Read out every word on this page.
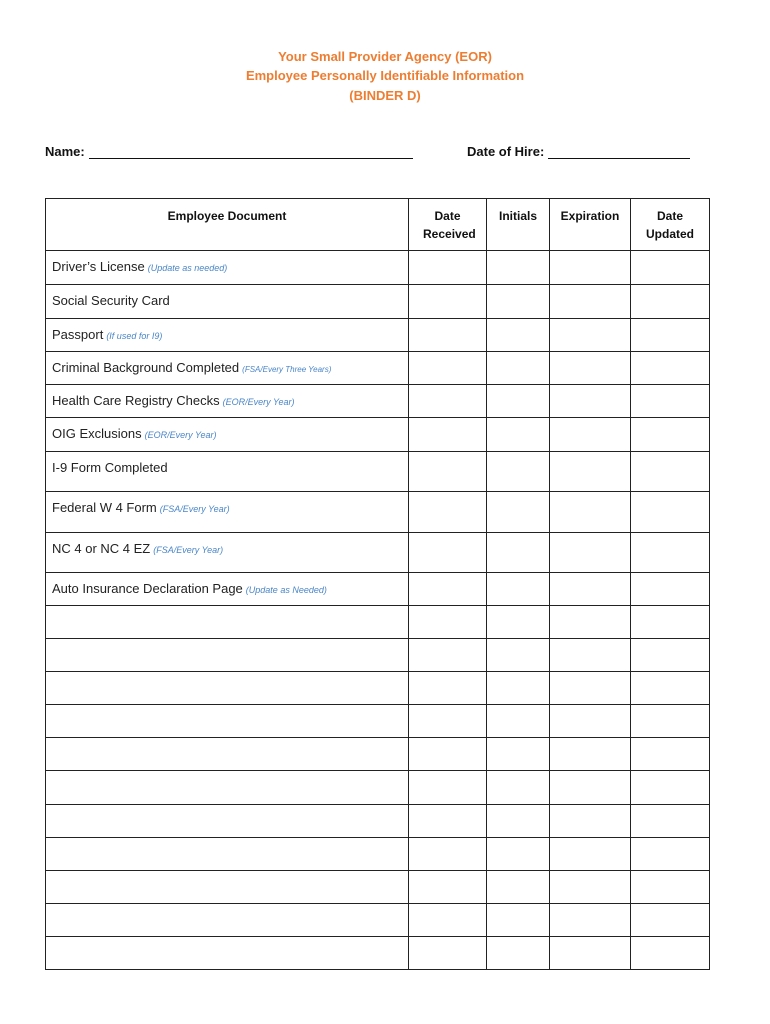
Your Small Provider Agency (EOR)
Employee Personally Identifiable Information
(BINDER D)
Name:	Date of Hire:
Employee Document	Date Received	Initials	Expiration	Date Updated
Driver’s License (Update as needed)				
Social Security Card				
Passport (If used for I9)				
Criminal Background Completed (FSA/Every Three Years)				
Health Care Registry Checks (EOR/Every Year)				
OIG Exclusions (EOR/Every Year)				
I-9 Form Completed				
Federal W 4 Form (FSA/Every Year)				
NC 4 or NC 4 EZ (FSA/Every Year)				
Auto Insurance Declaration Page (Update as Needed)				
